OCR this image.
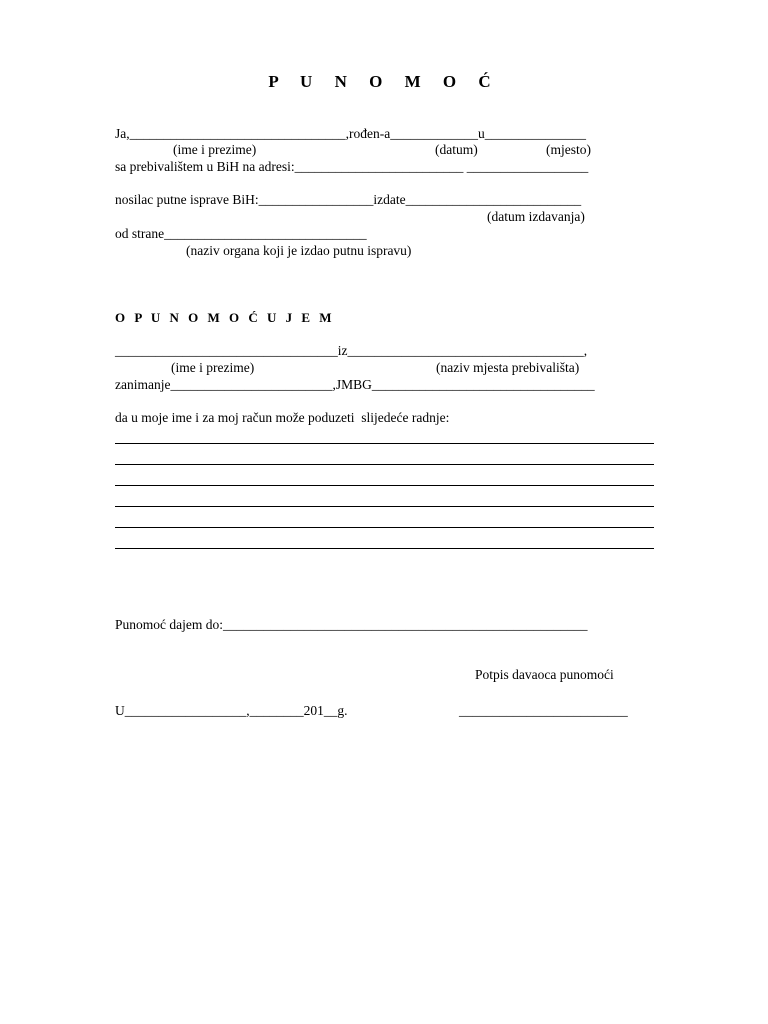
P U N O M O Ć
Ja,________________________________,rođen-a_____________u_______________
(ime i prezime)	(datum)	(mjesto)
sa prebivalištem u BiH na adresi:_________________________ __________________
nosilac putne isprave BiH:_________________izdate__________________________
(datum izdavanja)
od strane______________________________
(naziv organa koji je izdao putnu ispravu)
O P U N O M O Ć U J E M
_________________________________iz___________________________________,
(ime i prezime)	(naziv mjesta prebivališta)
zanimanje________________________,JMBG_________________________________
da u moje ime i za moj račun može poduzeti  slijedeće radnje:
Punomoć dajem do:______________________________________________________
Potpis davaoca punomoći
U__________________,________201__g.	_________________________
